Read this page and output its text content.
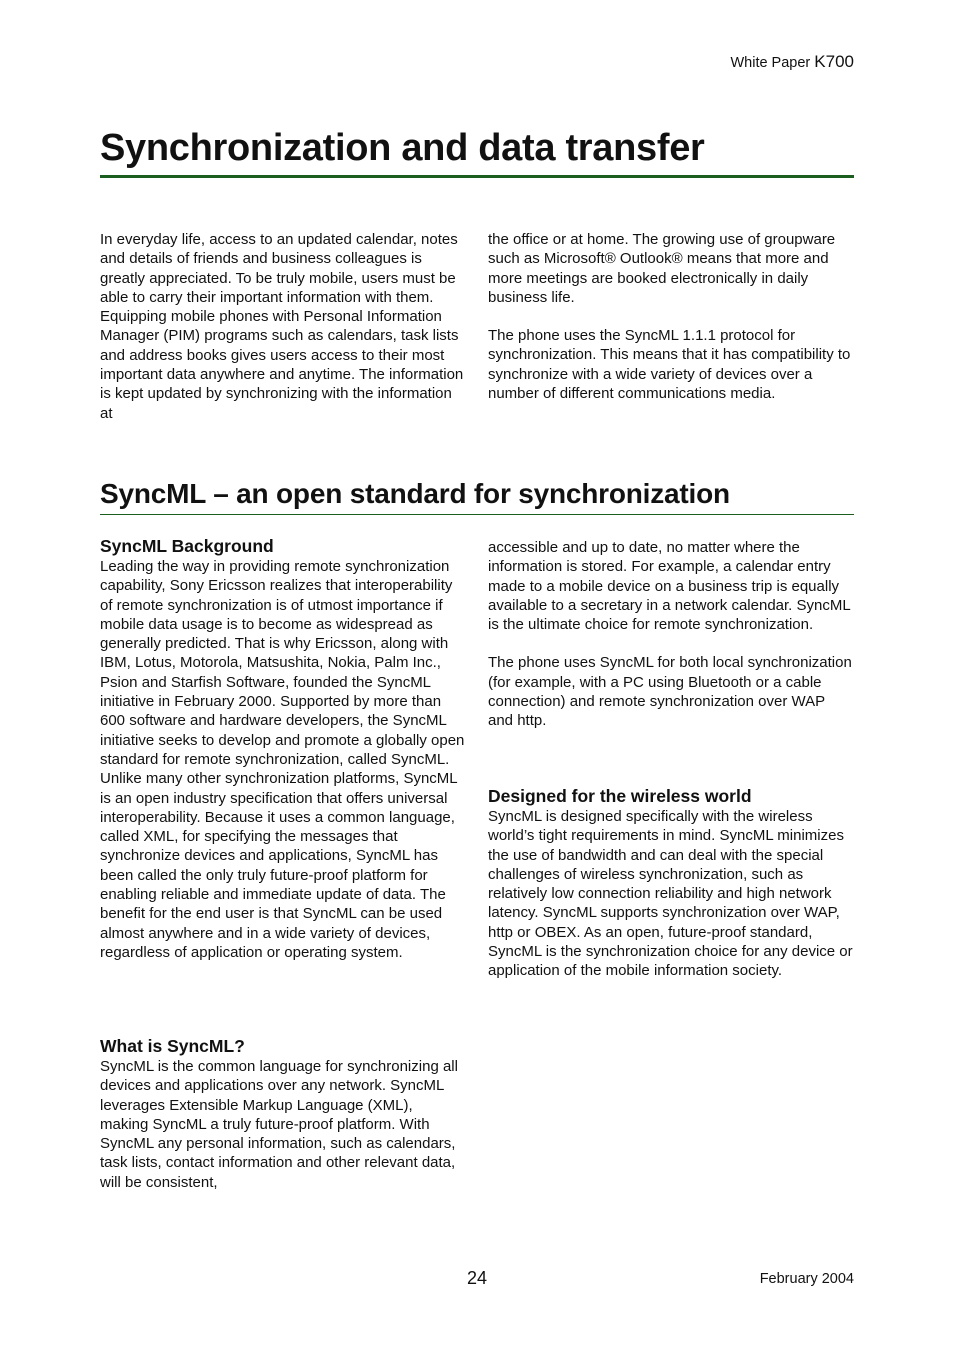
White Paper K700
Synchronization and data transfer

In everyday life, access to an updated calendar, notes and details of friends and business colleagues is greatly appreciated. To be truly mobile, users must be able to carry their important information with them. Equipping mobile phones with Personal Information Manager (PIM) programs such as calendars, task lists and address books gives users access to their most important data anywhere and anytime. The information is kept updated by synchronizing with the information at

the office or at home. The growing use of groupware such as Microsoft® Outlook® means that more and more meetings are booked electronically in daily business life.

The phone uses the SyncML 1.1.1 protocol for synchronization. This means that it has compatibility to synchronize with a wide variety of devices over a number of different communications media.

SyncML – an open standard for synchronization
SyncML Background

Leading the way in providing remote synchronization capability, Sony Ericsson realizes that interoperability of remote synchronization is of utmost importance if mobile data usage is to become as widespread as generally predicted. That is why Ericsson, along with IBM, Lotus, Motorola, Matsushita, Nokia, Palm Inc., Psion and Starfish Software, founded the SyncML initiative in February 2000. Supported by more than 600 software and hardware developers, the SyncML initiative seeks to develop and promote a globally open standard for remote synchronization, called SyncML. Unlike many other synchronization platforms, SyncML is an open industry specification that offers universal interoperability. Because it uses a common language, called XML, for specifying the messages that synchronize devices and applications, SyncML has been called the only truly future-proof platform for enabling reliable and immediate update of data. The benefit for the end user is that SyncML can be used almost anywhere and in a wide variety of devices, regardless of application or operating system.

What is SyncML?

SyncML is the common language for synchronizing all devices and applications over any network. SyncML leverages Extensible Markup Language (XML), making SyncML a truly future-proof platform. With SyncML any personal information, such as calendars, task lists, contact information and other relevant data, will be consistent,

accessible and up to date, no matter where the information is stored. For example, a calendar entry made to a mobile device on a business trip is equally available to a secretary in a network calendar. SyncML is the ultimate choice for remote synchronization.

The phone uses SyncML for both local synchronization (for example, with a PC using Bluetooth or a cable connection) and remote synchronization over WAP and http.

Designed for the wireless world

SyncML is designed specifically with the wireless world’s tight requirements in mind. SyncML minimizes the use of bandwidth and can deal with the special challenges of wireless synchronization, such as relatively low connection reliability and high network latency. SyncML supports synchronization over WAP, http or OBEX. As an open, future-proof standard, SyncML is the synchronization choice for any device or application of the mobile information society.

24	February 2004
